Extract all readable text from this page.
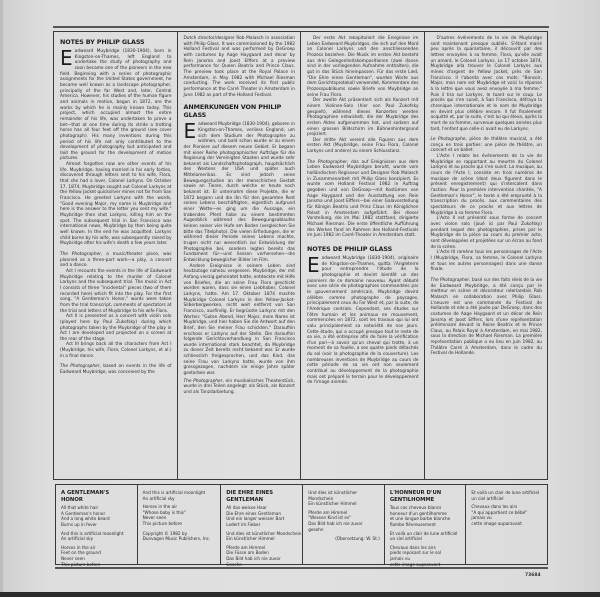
NOTES BY PHILIP GLASS

Eadweard Muybridge (1830-1904), born in Kingston-on-Thames, left England to undertake the study of photography and soon became one of the pioneers in the new field. Beginning with a series of photographic assignments for the United States government, he became well known as a landscape photographer, principally of the far West and, later, Central America. However, his studies of the human figure and animals in motion, begun in 1872, are the works by which he is mainly known today. This project, which occupied almost the entire remainder of his life, was undertaken to prove a bet—that at one time during its stride a trotting horse has all four feet off the ground (see cover photograph). His many inventions during this period of his life not only contributed to the development of photography but anticipated and laid the ground for the development of motion pictures.

Almost forgotten now are other events of his life. Muybridge, having married in his early forties, discovered through letters sent to his wife, Flora, that she had a lover, Colonel Larkyns. On October 17, 1874, Muybridge sought out Colonel Larkyns at the Yellow Jacket quicksilver mines not far from San Francisco. He greeted Larkyns with the words, "Good evening Major, my name is Muybridge and here is the answer to the letter you sent my wife." Muybridge then shot Larkyns, killing him on the spot. The subsequent trial in San Francisco was international news, Muybridge by then being quite well known. In the end he was acquitted. Larkyns child borne by his wife, was subsequently raised by Muybridge after his wife's death a few years later.

The Photographer, a music/theater piece, was planned as a three-part work—a play, a concert and a dance.

Act I recounts the events in the life of Eadweard Muybridge relating to the murder of Colonel Larkyns and the subsequent trial. The music in Act I consists of three "incidental" pieces (two of them recorded here) which fit into the play. For the first song, "A Gentleman's Honor," words were taken from the trial transcript, comments of spectators at the trial and letters of Muybridge to his wife Flora.

Act II is presented as a concert with violin solo (played here by Paul Zukofsky) during which photographs taken by the Muybridge of the play in Act I are developed and projected on a screen at the rear of the stage.

Act III brings back all the characters from Act I (Muybridge, his wife, Flora, Colonel Larkyns, et al.) in a final dance.

The Photographer, based on events in the life of Eadweard Muybridge, was conceived by the

Dutch director/designer Rob Malasch in association with Philip Glass. It was commissioned by the 1982 Holland Festival and was performed by DeGroep with costumes by Aage Haygaard and decor by Rein Jansma and Joost Elffers at a preview performance for Queen Beatrix and Prince Claus. The preview took place at the Royal Palace in Amsterdam, in May 1982 with Michael Riesman conducting. The work received its first public performance at the Carré Theater in Amsterdam in June 1982 as part of the Holland Festival.

ANMERKUNGEN VON PHILIP GLASS

Eadweard Muybridge (1830-1904), geboren in Kingston-on-Thames, verliess England, um sich dem Studium der Photographie zu widmen, und bald schon wurde er zu einem der Pioniere auf diesem neuen Gebiet. Er begann mit einer Reihe photographischer Aufträge für die Regierung der Vereinigten Staaten und wurde sehr bekannt als Landschaftsphotograph, hauptsächlich des Westens der USA und später auch Mittelamerikas. Es sind jedoch seine Bewegungsstudien an der menschlichen Gestalt sowie an Tieren, durch welche er heute noch bekannt ist. Er unternahm diese Projekte, die er 1872 begann und die ihn für den gesamten Rest seines Lebens beschäftigten, eigentlich aufgrund einer Wette—es ging um die Aussage, ein trabendes Pferd habe zu einem bestimmten Augenblick während des Bewegungsablaufes keinen seiner vier Hufe am Boden (vergleichen Sie bitte das Titelphoto). Die vielen Erfindungen, die er während dieser Periode seines Lebens machte, trugen nicht nur wesentlich zur Entwicklung der Photographie bei, sondern legten bereits das Fundament für—und liessen vorhersehen—die Entwicklung beweglicher Bilder im Film.

Andere Ereignisse in seinem Leben sind heutzutage nahezu vergessen. Muybridge, der mit Anfang vierzig geheiratet hatte, entdeckte mit Hilfe von Briefen, die an seine Frau Flora geschickt worden waren, dass sie einen Liebhaber, Colonel Larkyns, hatte. Am 17. Oktober 1874 machte Muybridge Colonel Larkyns in den Yellow-Jacket-Silberbergwerken, nicht weit entfernt von San Francisco, ausfindig. Er begrüsste Larkyns mit den Worten: "Guten Abend, Herr Major, mein Name ist Muybridge, und hier haben Sie die Antwort auf den Brief, den Sie meiner Frau schickten." Daraufhin erschoss er Larkyns auf der Stelle. Die daraufhin folgende Gerichtsverhandlung in San Francisco wurde international stark beachtet, da Muybridge zu dieser Zeit bereits recht bekannt war. Er wurde schliesslich freigesprochen, und das Kind, das seine Frau von Larkyns hatte, wurde von ihm grossgezogen, nachdem sie einige Jahre später gestorben war.

The Photographer, ein musikalisches Theaterstück, wurde in drei Teilen angelegt: als Stück, als Konzert und als Tanzdarbietung.

Der erste Akt rekapituliert die Ereignisse im Leben Eadweard Muybridges, die sich auf den Mord an Colonel Larkyns und den anschliessenden Prozess beziehen. Die Musik im ersten Akt besteht aus drei Gelegenheitskompositionen (zwei davon sind in der vorliegenden Aufnahme enthalten), die gut in das Stück hineinpassen. Für das erste Lied, "Die Ehre eines Gentleman", wurden Worte aus dem Gerichtsprotokoll verwendet, Kommentare des Prozesspublikums sowie Briefe von Muybridge an seine Frau Flora.

Der zweite Akt präsentiert sich als Konzert mit einem Violinen-Solo (hier von Paul Zukofsky gespielt), während dieses Konzertes werden Photographien entwickelt, die der Muybridge des ersten Aktes aufgenommen hat, und sodann auf einen grossen Bildschirm im Bühnenhintergrund projiziert.

Der dritte Akt vereint alle Figuren aus dem ersten Akt (Muybridge, seine Frau Flora, Colonel Larkyns und andere) zu einem Schlusstanz.

The Photographer, das auf Ereignissen aus dem Leben Eadweard Muybridges beruht, wurde vom holländischen Regisseur und Designer Rob Malasch in Zusammenarbeit mit Philip Glass konzipiert. Es wurde vom Holland Festival 1982 in Auftrag gegeben und von DeGroep—mit Kostümen von Aage Haygaard und der Ausstattung von Rein Jansma und Joost Elffers—bei einer Galavorstellung für Königin Beatrix und Prinz Claus im Königlichen Palast in Amsterdam aufgeführt. Bei dieser Vorstellung, die im Mai 1982 stattfand, dirigierte Michael Riesman. Die erste öffentliche Aufführung des Werkes fand im Rahmen des Holland-Festivals im Juni 1982 im Carré-Theater in Amsterdam statt.

NOTES DE PHILIP GLASS

Eadweard Muybridge (1830-1904), originaire de Kingston-on-Thames, quitta l'Angleterre pour entreprendre l'étude de la photographie et devint bientôt un des pionniers de ce domaine nouveau. Ayant débuté avec une série de photographies commandées par le gouvernement américain, Muybridge devint célèbre comme photographe de paysages, principalement ceux du Far West et, par la suite, de l'Amérique centrale. Cependant, ses études sur l'être humain et les animaux en mouvement, commencées en 1872, sont les travaux qui lui ont valu principalement sa notoriété de nos jours. Cette étude, qui a occupé presque tout le reste de sa vie, a été entreprise afin de faire la vérification d'un pari—à savoir qu'un cheval qui trotte, à un moment de sa foulée, a ses quatre pieds détachés du sol (voir la photographie de la couverture). Les nombreuses inventions de Muybridge au cours de cette période de sa vie ont non seulement contribué au développement de la photographie mais ont préparé le terrain pour le développement de l'image animée.

D'autres événements de la vie de Muybridge sont maintenant presque oubliés. S'étant marié peu après la quarantaine, il découvrit par des lettres envoyées à sa femme, Flora, qu'elle avait un amant, le Colonel Larkyns. Le 17 octobre 1874, Muybridge alla trouver le Colonel Larkyns aux mines d'argent de Yellow Jacket, près de San Francisco. Il l'aborda avec ces mots: "Bonsoir, Major, mon nom est Muybridge et voici la réponse à la lettre que vous avez envoyée à ma femme." Puis il tira sur Larkyns, le tuant sur le coup. Le procès qui s'en suivit, à San Francisco, défraya la chronique internationale et le nom de Muybridge en devint plus célèbre encore. Il fut finalement acquitté et, par la suite, c'est lui qui éleva, après la mort de sa femme, survenue quelques années plus tard, l'enfant que celle-ci avait eu de Larkyns.

Le Photographe, pièce de théâtre musical, a été conçu en trois parties: une pièce de théâtre, un concert et un ballet.

L'Acte I relate les événements de la vie de Muybridge se rapportant au meurtre du Colonel Larkyns et au procès qui s'en suivit. La musique, au cours de l'Acte I, consiste en trois numéros de musique de scène (dont deux figurent dans le présent enregistrement) qui s'intercalent dans l'action. Pour la première intervention chantée, "A Gentleman's Honor", le texte a été emprunté à la transcription du procès, aux commentaires des spectateurs de ce procès et aux lettres de Muybridge à sa femme Flora.

L'Acte II est présenté sous forme de concert avec violon solo (joué ici par Paul Zukofsky) pendant lequel des photographies, prises par le Muybridge de la pièce au cours du premier acte, sont développées et projetées sur un écran au fond de la scène.

L'Acte III ramène tous les personnages de l'Acte I (Muybridge, Flora, sa femme, le Colonel Larkyns et tous les autres personnages) dans une danse finale.

The Photographer, basé sur des faits réels de la vie de Eadweard Muybridge, a été conçu par le metteur en scène et décorateur néerlandais Rob Malasch en collaboration avec Philip Glass. L'oeuvre est une commande du Festival de Hollande et elle a été jouée par DeGroep, dans des costumes de Aage Haygaard et un décor de Rein Jansma et Joost Elffers, lors d'une représentation préliminaire devant la Reine Beatrix et le Prince Claus, au Palais Royal à Amsterdam, en mai 1982, sous la direction de Michael Riesman. La première représentation publique a eu lieu en juin 1982, au Théâtre Carré à Amsterdam, dans le cadre du Festival de Hollande.

A GENTLEMAN'S HONOR
All that white hair
A Gentleman's honor
And a long white beard
Burns up in fever
And this is artificial moonlight
An artificial sky
Horses in the air
Feet on the ground
Never seen
This picture before
And this is artificial moonlight
An artificial sky
Horses in the air
"Whose baby is this"
Never seen
This picture before
Copyright © 1982 by
Dunvagen Music Publishers, Inc.
DIE EHRE EINES GENTLEMAN
All das weisse Haar
Die Ehre eines Gentleman
Und ein langer weisser Bart
Lodert im Fieber
Und dies ist künstlicher Mondschein
Ein künstlicher Himmel
Pferde am Himmel
Die Füsse am Boden
Das Bild hab ich nie zuvor
Gesehn
Und dies ist künstlicher
Mondschein
Ein künstlicher Himmel
Pferde am Himmel
"Wessen Kind ist es"
Das Bild hab ich nie zuvor
gesehn
(Übersetzung: W. St.)
L'HONNEUR D'UN GENTILHOMME
Tous ces cheveux blancs
honneur d'un gentilhomme
et une longue barbe blanche
flambe fiévreusement
Et voilà un clair de lune artificiel
un ciel artificiel
Chevaux dans les airs
pieds reposant sur le sol
jamais vu
cette image auparavant
Et voilà un clair de lune artificiel
un ciel artificiel
Chevaux dans les airs
"A qui appartient ce bébé"
jamais vu
cette image auparavant
73684
